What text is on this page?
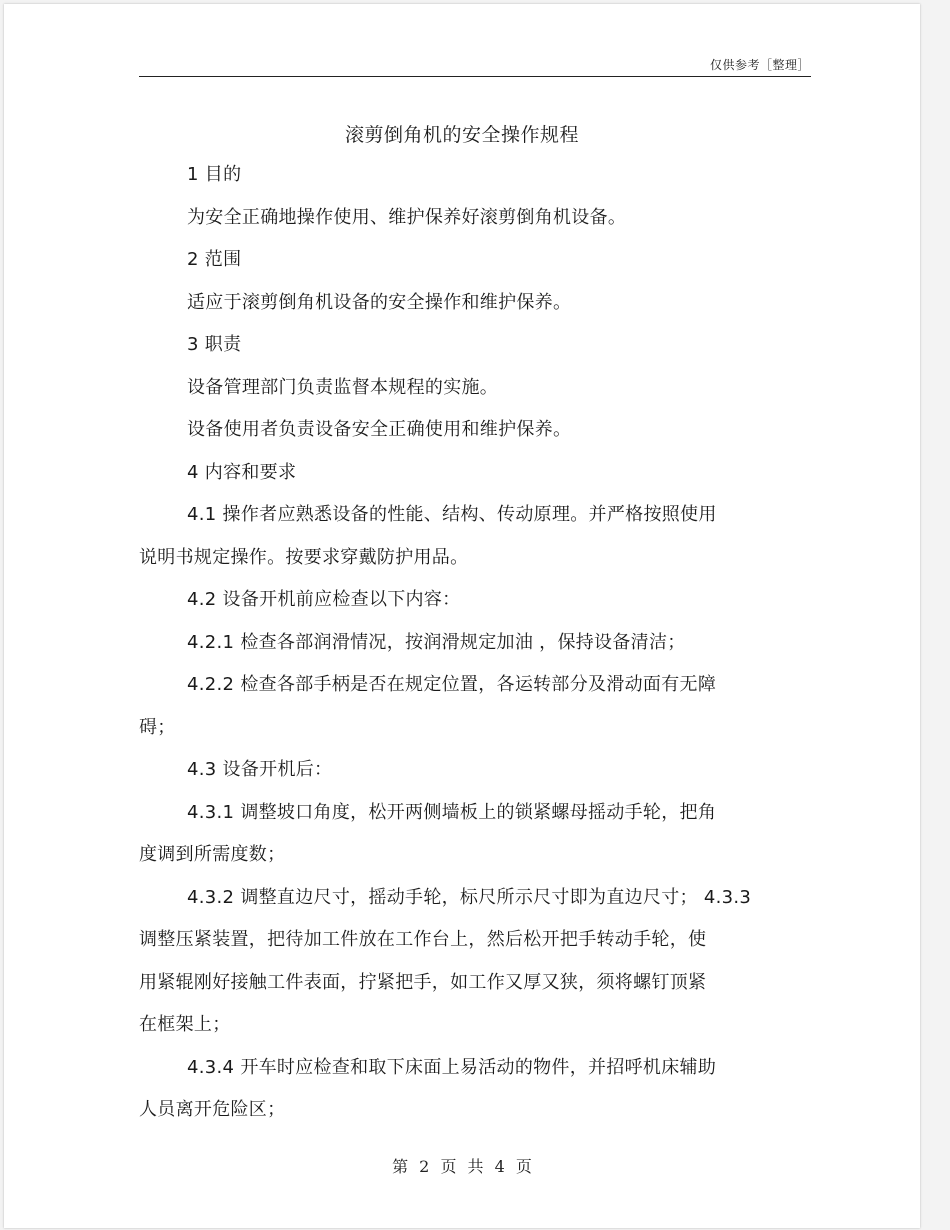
仅供参考［整理］
滚剪倒角机的安全操作规程
1 目的
为安全正确地操作使用、维护保养好滚剪倒角机设备。
2 范围
适应于滚剪倒角机设备的安全操作和维护保养。
3 职责
设备管理部门负责监督本规程的实施。
设备使用者负责设备安全正确使用和维护保养。
4 内容和要求
4.1 操作者应熟悉设备的性能、结构、传动原理。并严格按照使用
说明书规定操作。按要求穿戴防护用品。
4.2 设备开机前应检查以下内容：
4.2.1 检查各部润滑情况，按润滑规定加油 ，保持设备清洁；
4.2.2 检查各部手柄是否在规定位置，各运转部分及滑动面有无障
碍；
4.3 设备开机后：
4.3.1 调整坡口角度，松开两侧墙板上的锁紧螺母摇动手轮，把角
度调到所需度数；
4.3.2 调整直边尺寸，摇动手轮，标尺所示尺寸即为直边尺寸； 4.3.3
调整压紧装置，把待加工件放在工作台上，然后松开把手转动手轮，使
用紧辊刚好接触工件表面，拧紧把手，如工作又厚又狭，须将螺钉顶紧
在框架上；
4.3.4 开车时应检查和取下床面上易活动的物件，并招呼机床辅助
人员离开危险区；
第 2 页 共 4 页
